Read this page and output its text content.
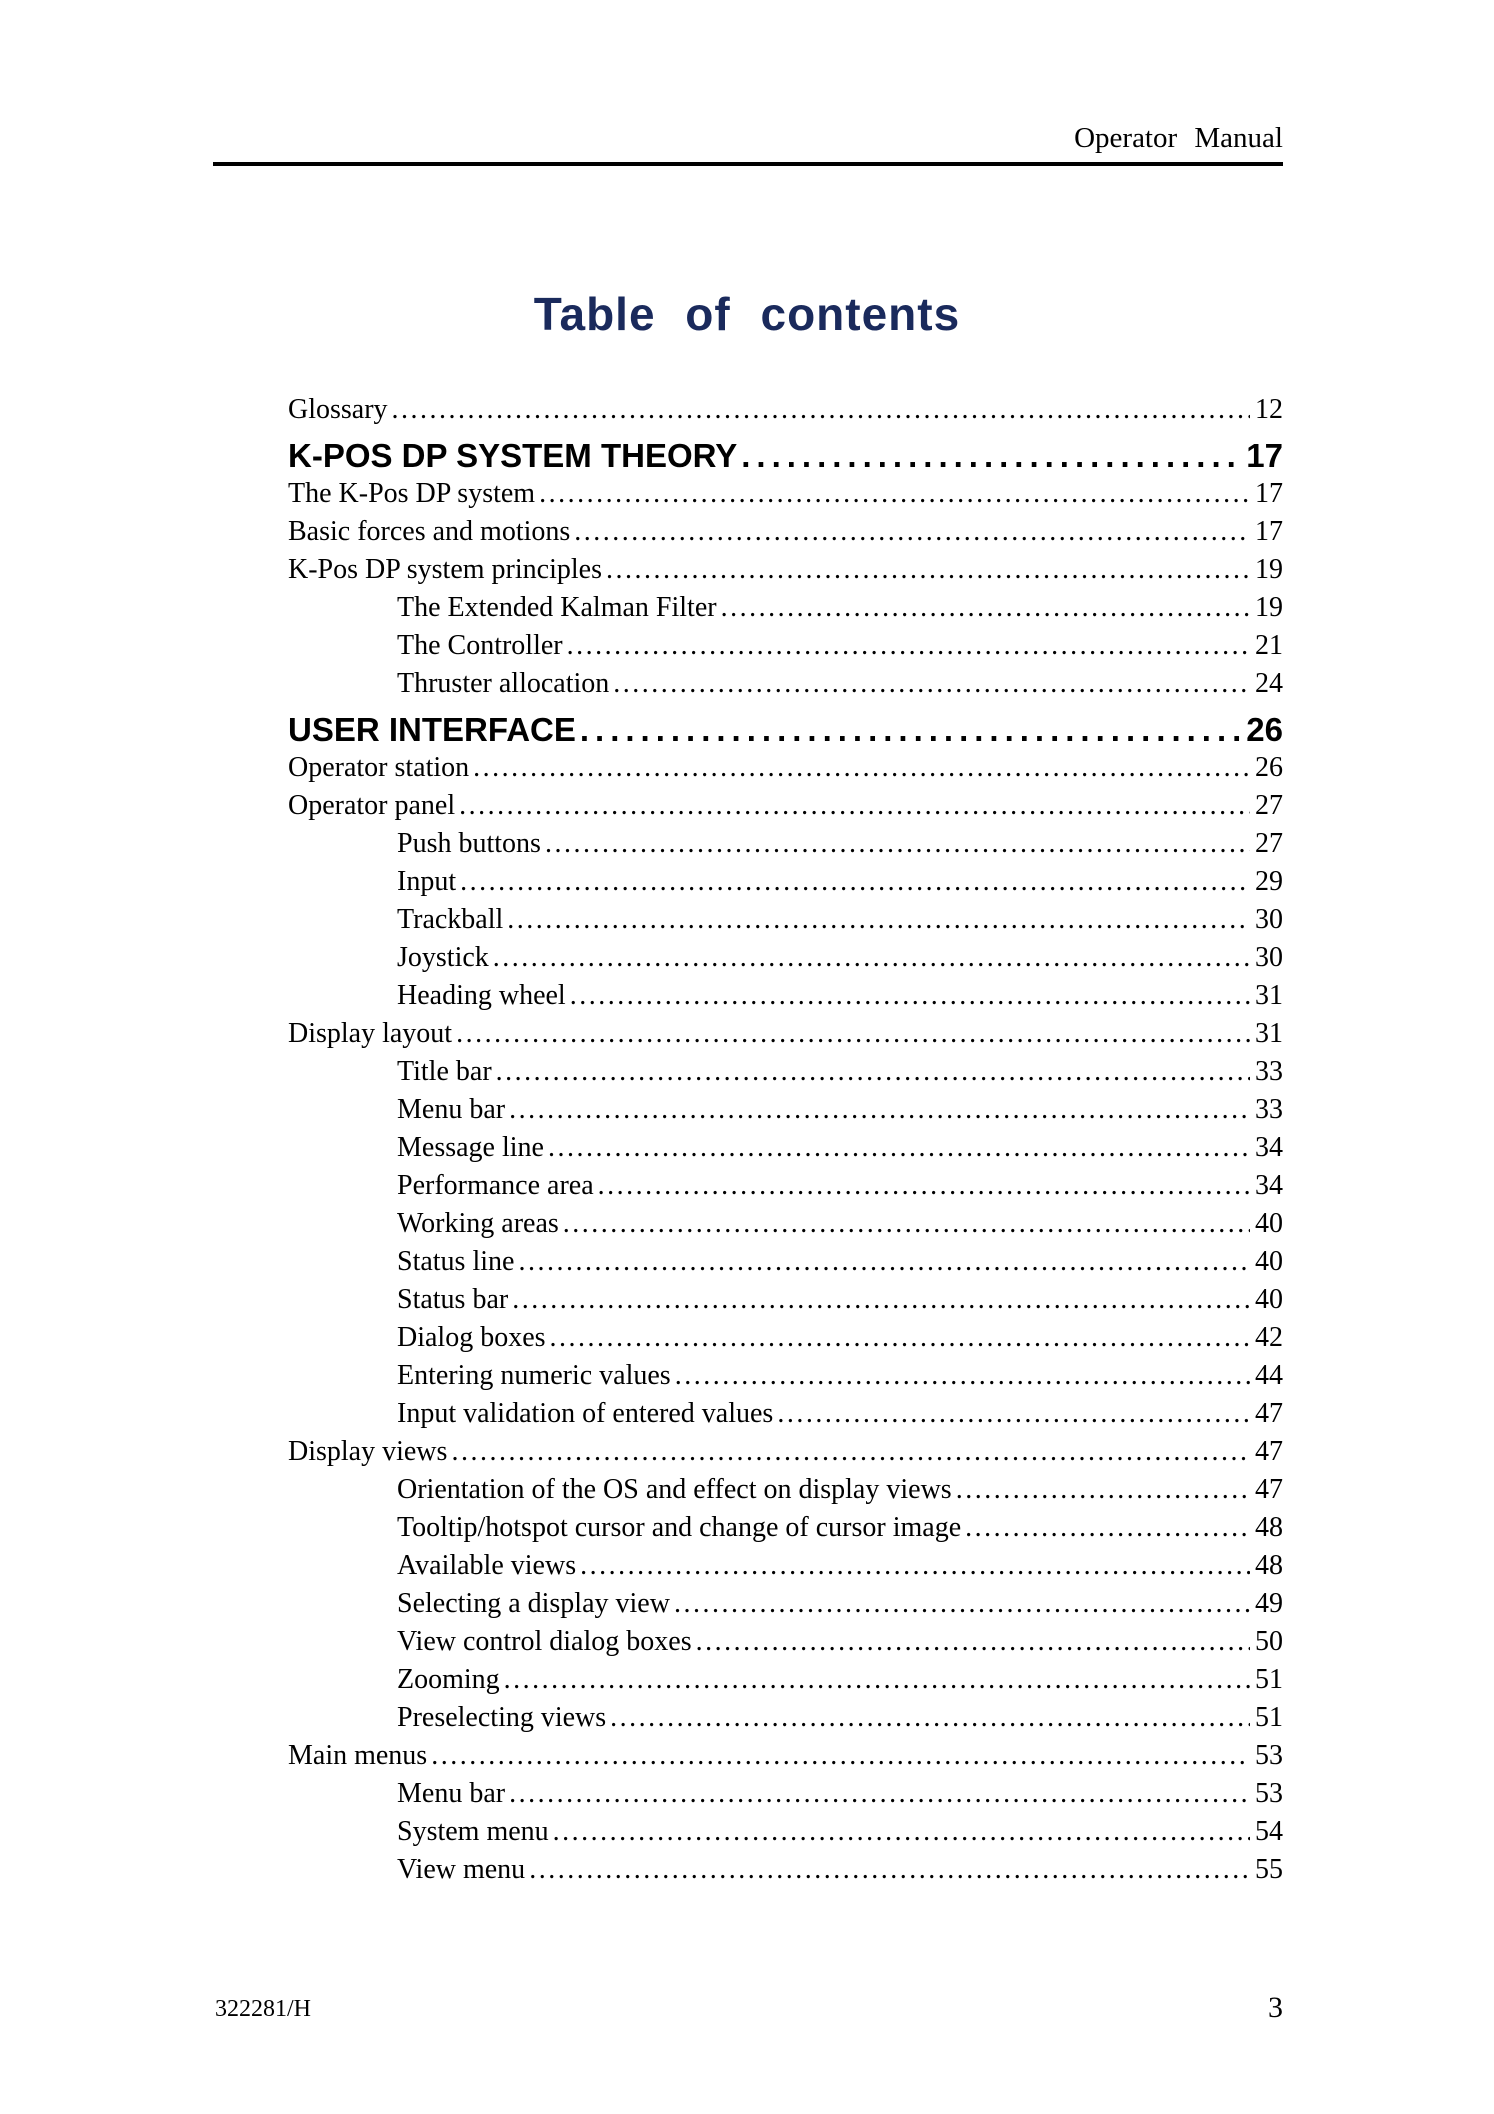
Operator Manual
Table of contents
Glossary .....	12
K-POS DP SYSTEM THEORY .....	17
The K-Pos DP system .....	17
Basic forces and motions .....	17
K-Pos DP system principles .....	19
The Extended Kalman Filter .....	19
The Controller .....	21
Thruster allocation .....	24
USER INTERFACE .....	26
Operator station .....	26
Operator panel .....	27
Push buttons .....	27
Input .....	29
Trackball .....	30
Joystick .....	30
Heading wheel .....	31
Display layout .....	31
Title bar .....	33
Menu bar .....	33
Message line .....	34
Performance area .....	34
Working areas .....	40
Status line .....	40
Status bar .....	40
Dialog boxes .....	42
Entering numeric values .....	44
Input validation of entered values .....	47
Display views .....	47
Orientation of the OS and effect on display views .....	47
Tooltip/hotspot cursor and change of cursor image .....	48
Available views .....	48
Selecting a display view .....	49
View control dialog boxes .....	50
Zooming .....	51
Preselecting views .....	51
Main menus .....	53
Menu bar .....	53
System menu .....	54
View menu .....	55
322281/H	3
